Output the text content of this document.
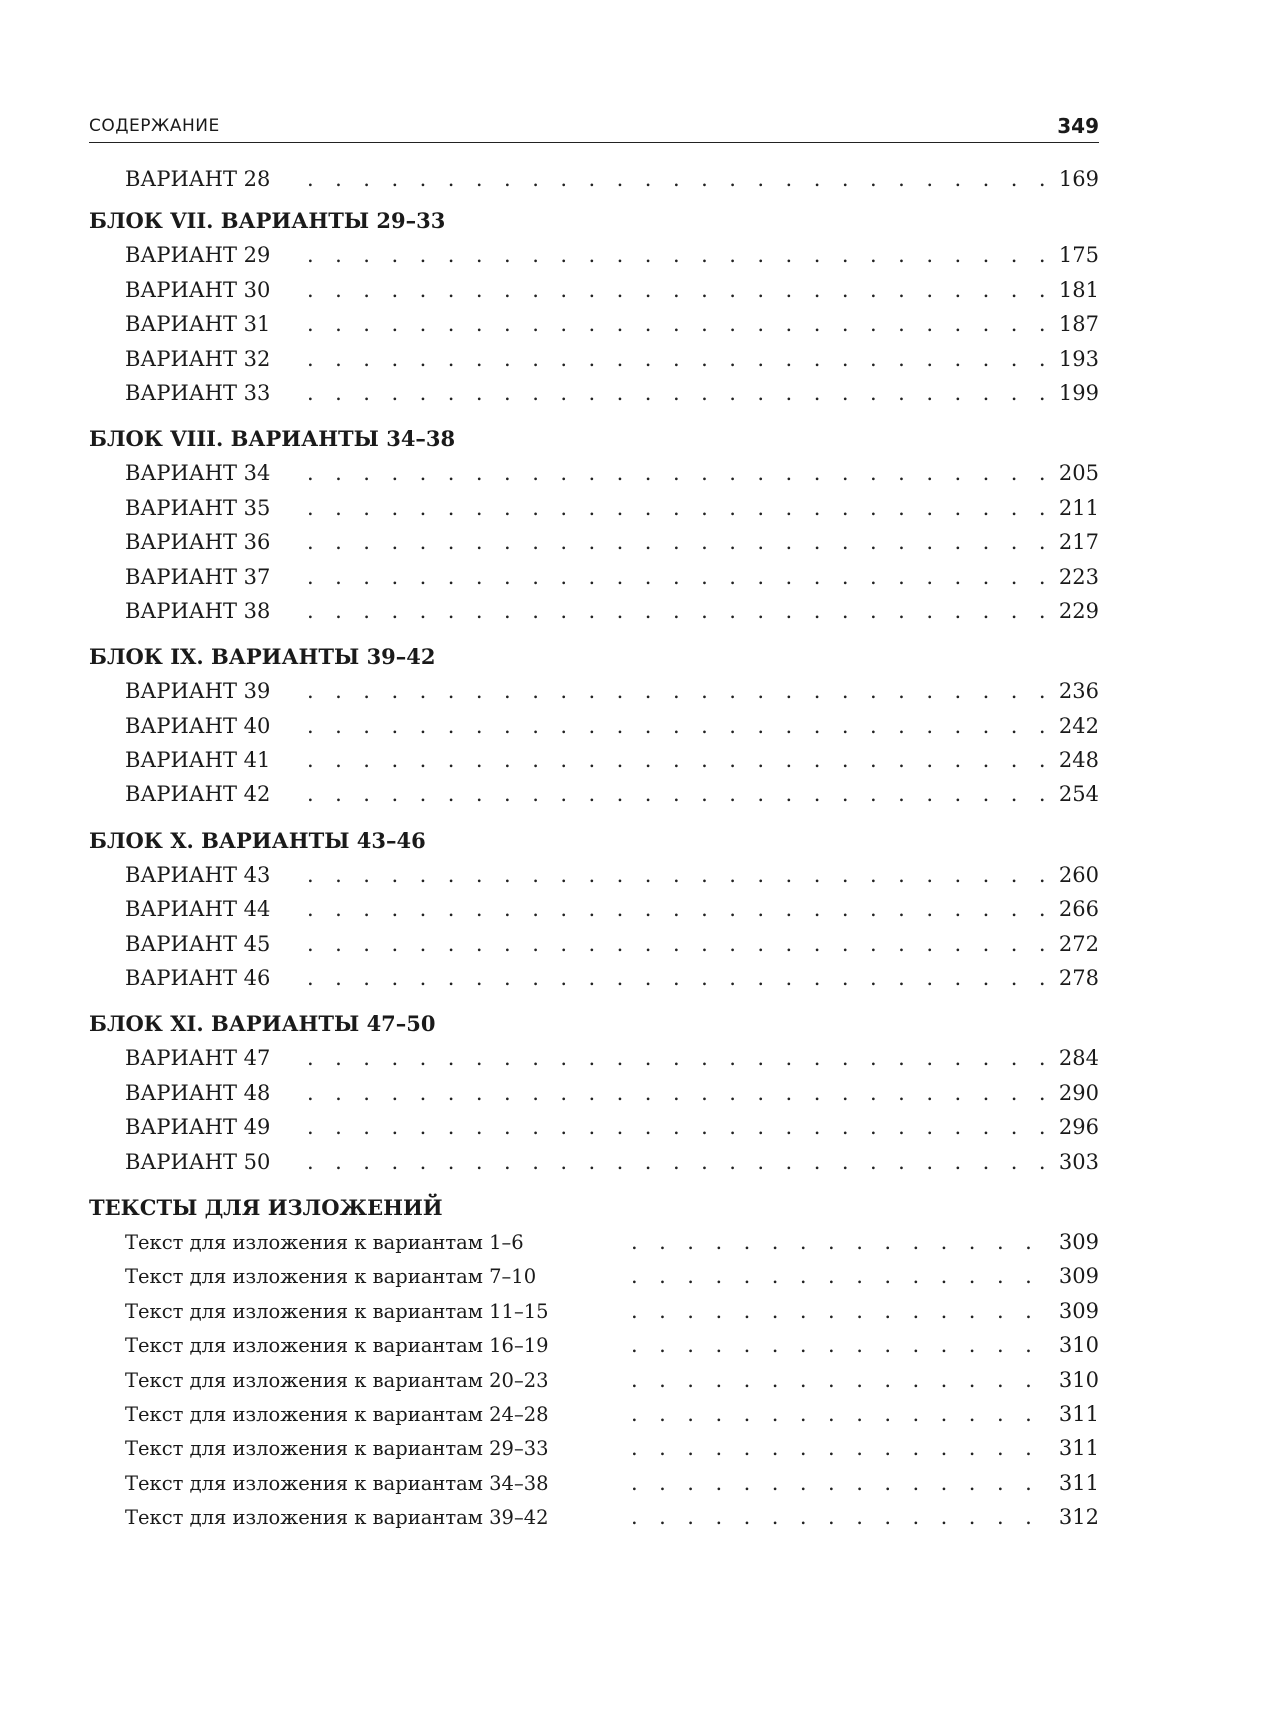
СОДЕРЖАНИЕ	349
ВАРИАНТ 28 . . .	169
БЛОК VII. ВАРИАНТЫ 29–33
ВАРИАНТ 29 . . .	175
ВАРИАНТ 30 . . .	181
ВАРИАНТ 31 . . .	187
ВАРИАНТ 32 . . .	193
ВАРИАНТ 33 . . .	199
БЛОК VIII. ВАРИАНТЫ 34–38
ВАРИАНТ 34 . . .	205
ВАРИАНТ 35 . . .	211
ВАРИАНТ 36 . . .	217
ВАРИАНТ 37 . . .	223
ВАРИАНТ 38 . . .	229
БЛОК IX. ВАРИАНТЫ 39–42
ВАРИАНТ 39 . . .	236
ВАРИАНТ 40 . . .	242
ВАРИАНТ 41 . . .	248
ВАРИАНТ 42 . . .	254
БЛОК X. ВАРИАНТЫ 43–46
ВАРИАНТ 43 . . .	260
ВАРИАНТ 44 . . .	266
ВАРИАНТ 45 . . .	272
ВАРИАНТ 46 . . .	278
БЛОК XI. ВАРИАНТЫ 47–50
ВАРИАНТ 47 . . .	284
ВАРИАНТ 48 . . .	290
ВАРИАНТ 49 . . .	296
ВАРИАНТ 50 . . .	303
ТЕКСТЫ ДЛЯ ИЗЛОЖЕНИЙ
Текст для изложения к вариантам 1–6 . . .	309
Текст для изложения к вариантам 7–10 . . .	309
Текст для изложения к вариантам 11–15 . . .	309
Текст для изложения к вариантам 16–19 . . .	310
Текст для изложения к вариантам 20–23 . . .	310
Текст для изложения к вариантам 24–28 . . .	311
Текст для изложения к вариантам 29–33 . . .	311
Текст для изложения к вариантам 34–38 . . .	311
Текст для изложения к вариантам 39–42 . . .	312
